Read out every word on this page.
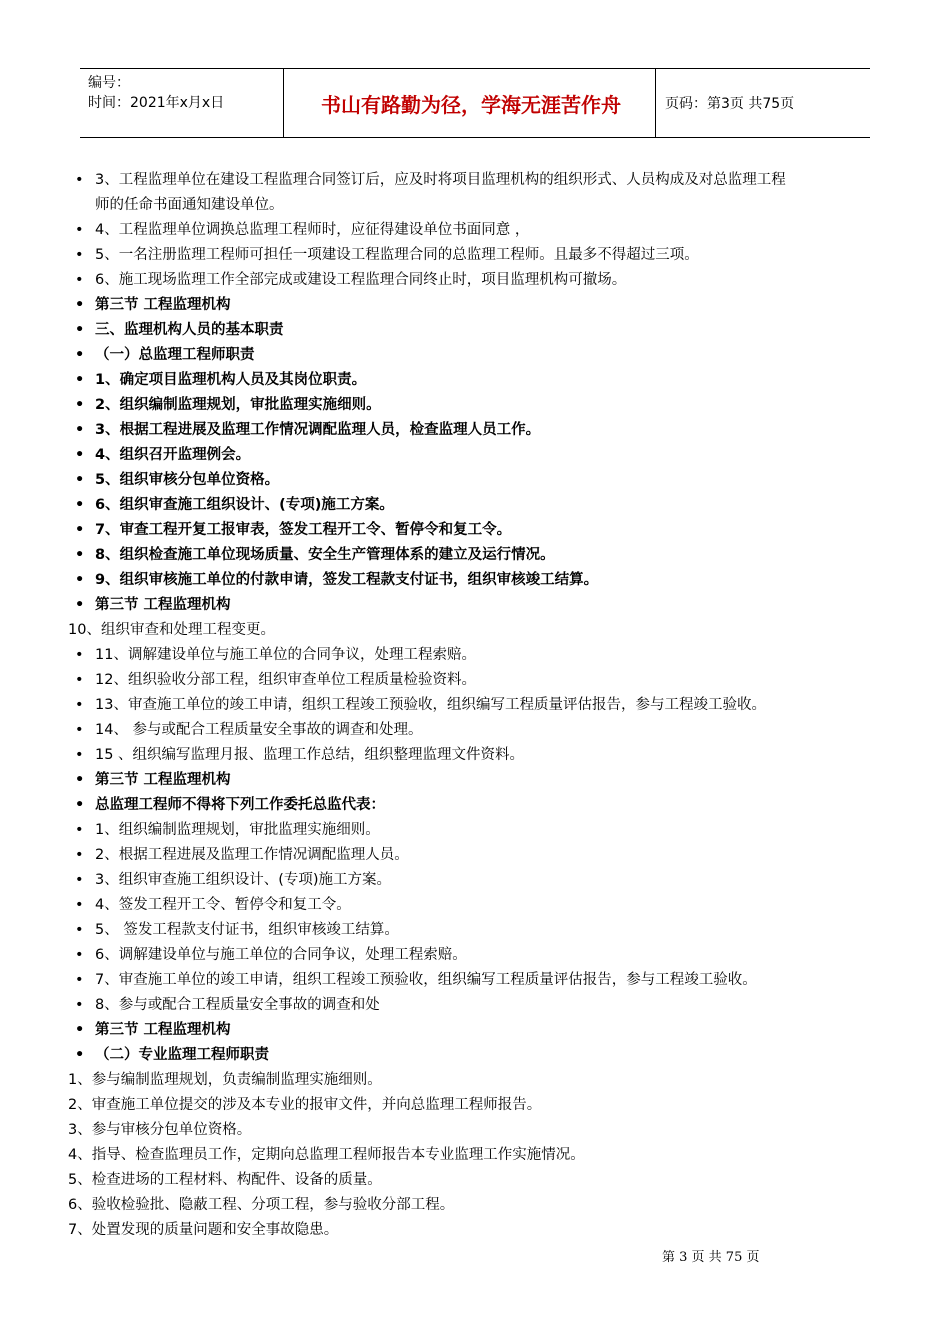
编号：
时间：2021年x月x日	书山有路勤为径，学海无涯苦作舟	页码：第3页 共75页
• 3、工程监理单位在建设工程监理合同签订后，应及时将项目监理机构的组织形式、人员构成及对总监理工程
师的任命书面通知建设单位。
• 4、工程监理单位调换总监理工程师时，应征得建设单位书面同意 ，
• 5、一名注册监理工程师可担任一项建设工程监理合同的总监理工程师。且最多不得超过三项。
• 6、施工现场监理工作全部完成或建设工程监理合同终止时，项目监理机构可撤场。
• 第三节 工程监理机构
• 三、监理机构人员的基本职责
• （一）总监理工程师职责
• 1、确定项目监理机构人员及其岗位职责。
• 2、组织编制监理规划，审批监理实施细则。
• 3、根据工程进展及监理工作情况调配监理人员，检查监理人员工作。
• 4、组织召开监理例会。
• 5、组织审核分包单位资格。
• 6、组织审查施工组织设计、(专项)施工方案。
• 7、审查工程开复工报审表，签发工程开工令、暂停令和复工令。
• 8、组织检查施工单位现场质量、安全生产管理体系的建立及运行情况。
• 9、组织审核施工单位的付款申请，签发工程款支付证书，组织审核竣工结算。
• 第三节 工程监理机构
10、组织审查和处理工程变更。
• 11、调解建设单位与施工单位的合同争议，处理工程索赔。
• 12、组织验收分部工程，组织审查单位工程质量检验资料。
• 13、审查施工单位的竣工申请，组织工程竣工预验收，组织编写工程质量评估报告，参与工程竣工验收。
• 14、 参与或配合工程质量安全事故的调查和处理。
• 15 、组织编写监理月报、监理工作总结，组织整理监理文件资料。
• 第三节 工程监理机构
• 总监理工程师不得将下列工作委托总监代表：
• 1、组织编制监理规划，审批监理实施细则。
• 2、根据工程进展及监理工作情况调配监理人员。
• 3、组织审查施工组织设计、(专项)施工方案。
• 4、签发工程开工令、暂停令和复工令。
• 5、 签发工程款支付证书，组织审核竣工结算。
• 6、调解建设单位与施工单位的合同争议，处理工程索赔。
• 7、审查施工单位的竣工申请，组织工程竣工预验收，组织编写工程质量评估报告，参与工程竣工验收。
• 8、参与或配合工程质量安全事故的调查和处
• 第三节 工程监理机构
• （二）专业监理工程师职责
1、参与编制监理规划，负责编制监理实施细则。
2、审查施工单位提交的涉及本专业的报审文件，并向总监理工程师报告。
3、参与审核分包单位资格。
4、指导、检查监理员工作，定期向总监理工程师报告本专业监理工作实施情况。
5、检查进场的工程材料、构配件、设备的质量。
6、验收检验批、隐蔽工程、分项工程，参与验收分部工程。
7、处置发现的质量问题和安全事故隐患。
第 3 页 共 75 页
